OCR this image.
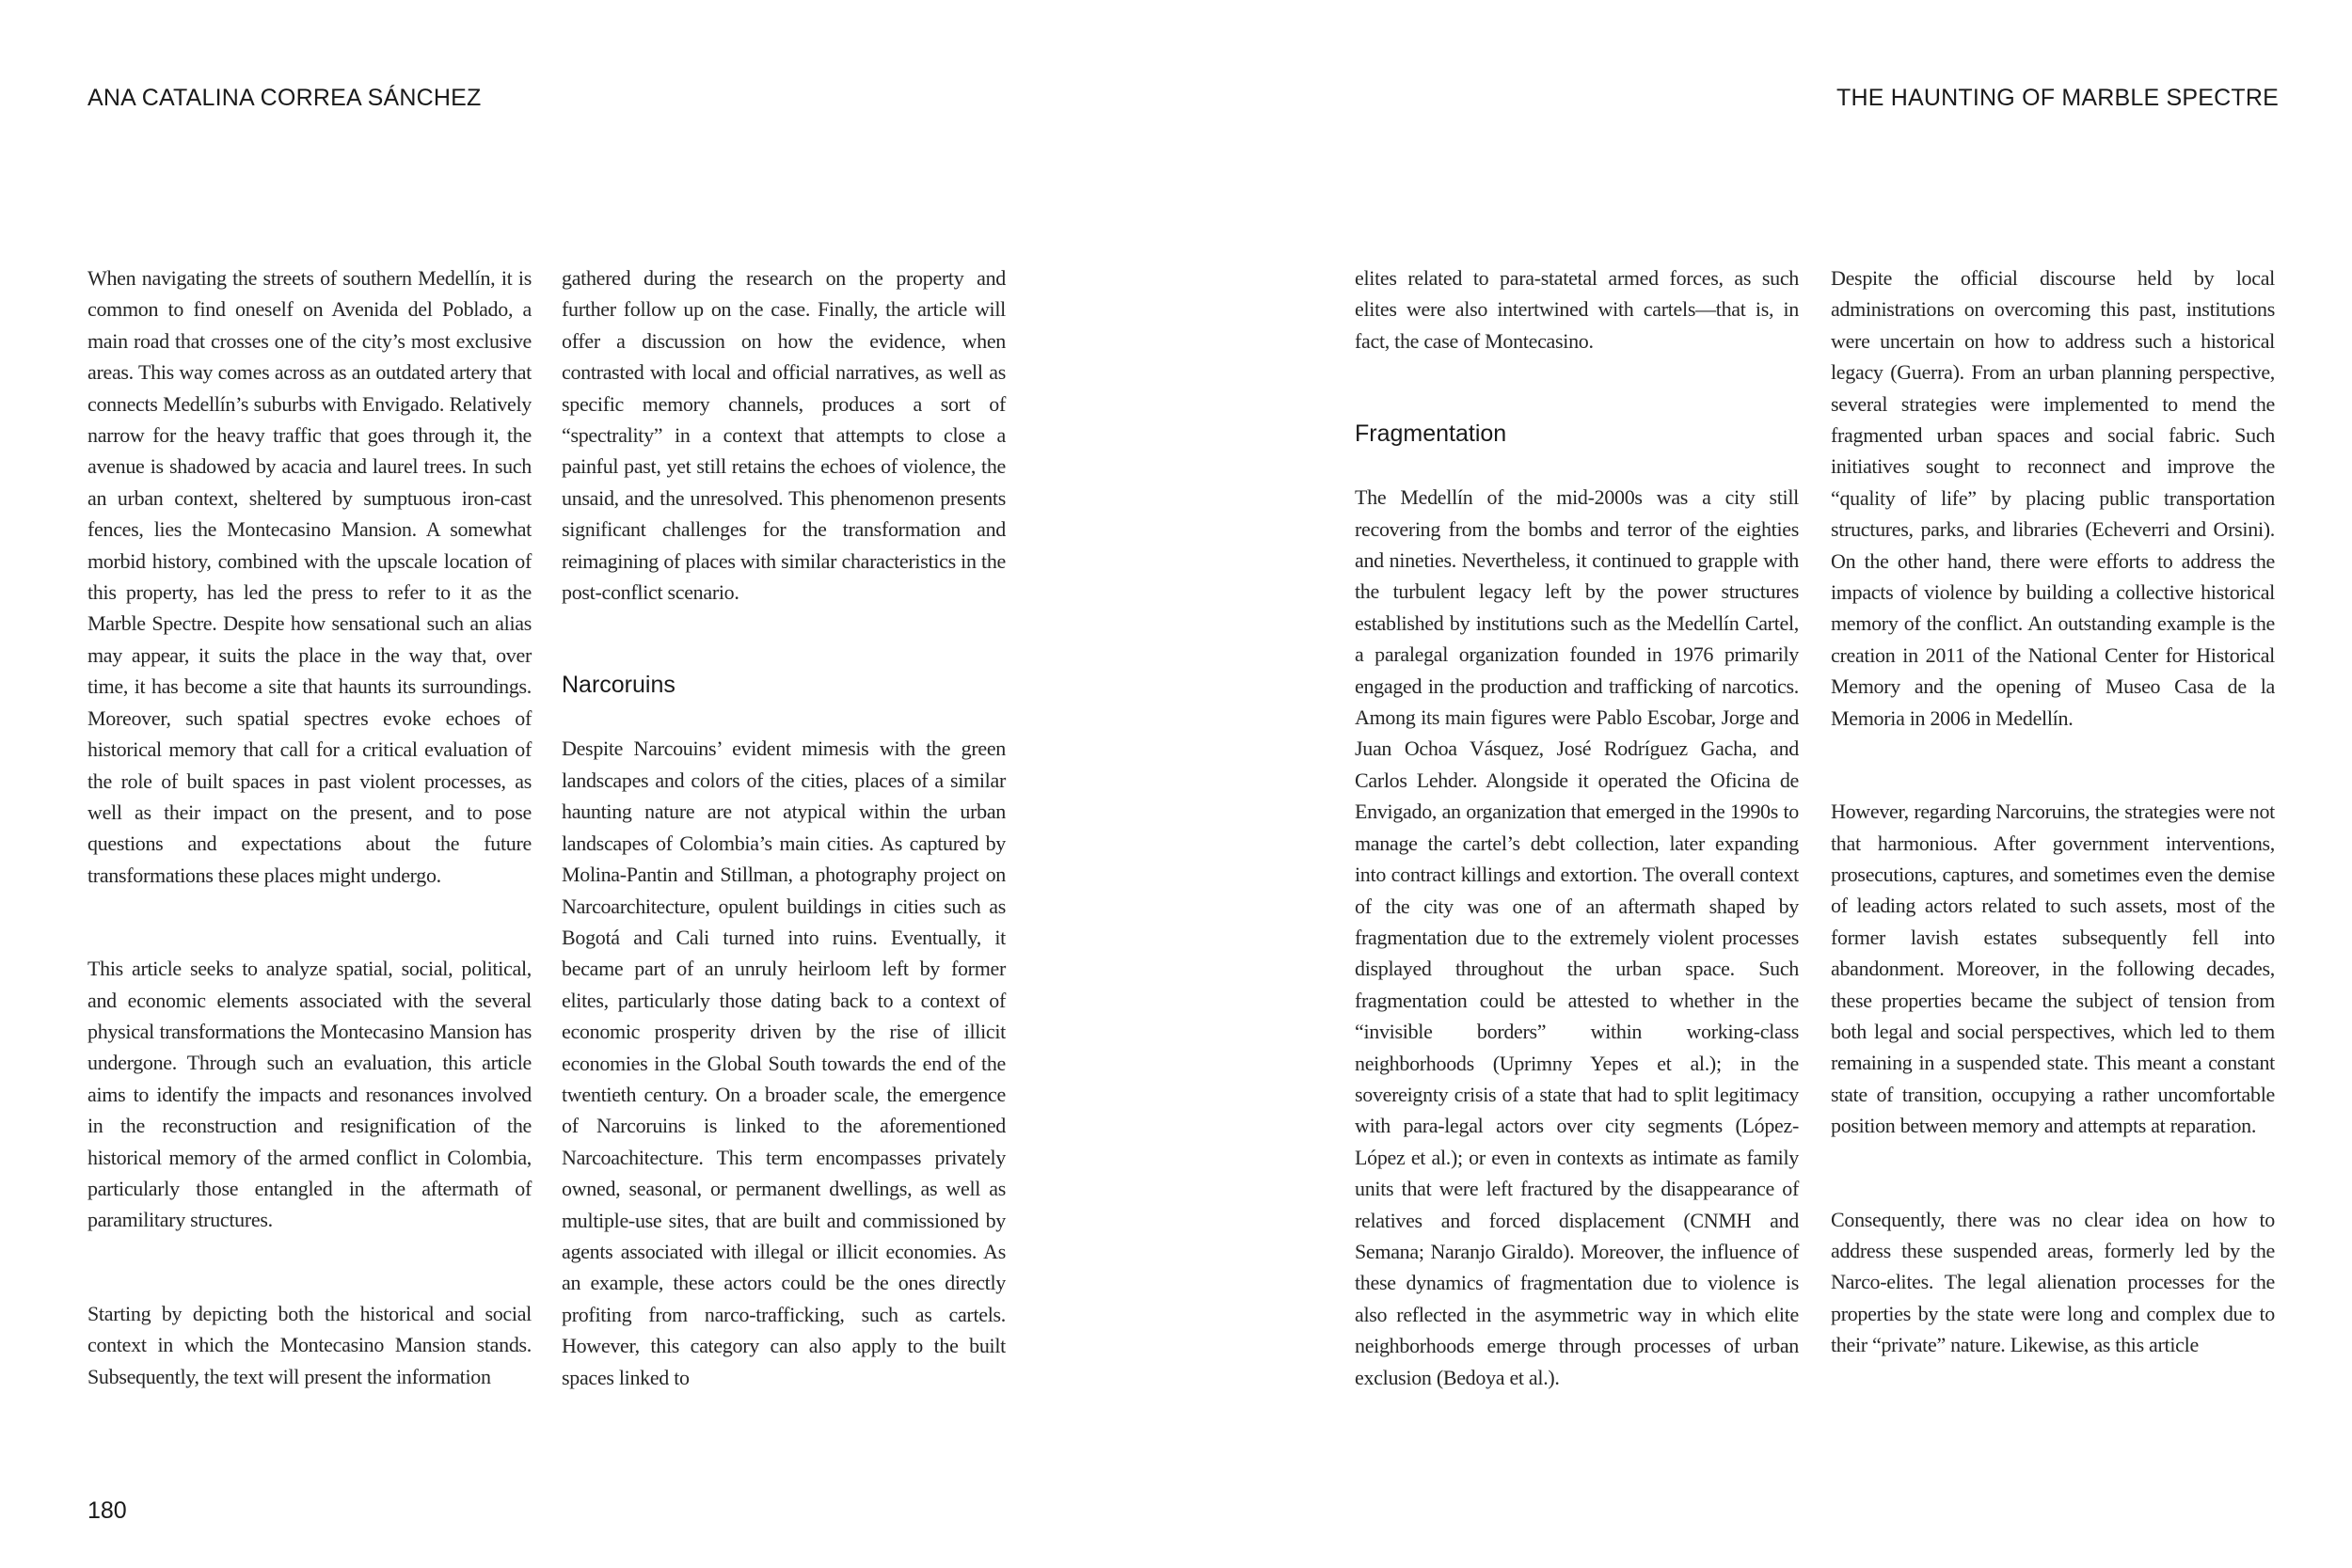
ANA CATALINA CORREA SÁNCHEZ

When navigating the streets of southern Medellín, it is common to find oneself on Avenida del Poblado, a main road that crosses one of the city’s most exclusive areas. This way comes across as an outdated artery that connects Medellín’s suburbs with Envigado. Relatively narrow for the heavy traffic that goes through it, the avenue is shadowed by acacia and laurel trees. In such an urban context, sheltered by sumptuous iron-cast fences, lies the Montecasino Mansion. A somewhat morbid history, combined with the upscale location of this property, has led the press to refer to it as the Marble Spectre. Despite how sensational such an alias may appear, it suits the place in the way that, over time, it has become a site that haunts its surroundings. Moreover, such spatial spectres evoke echoes of historical memory that call for a critical evaluation of the role of built spaces in past violent processes, as well as their impact on the present, and to pose questions and expectations about the future transformations these places might undergo.

This article seeks to analyze spatial, social, political, and economic elements associated with the several physical transformations the Montecasino Mansion has undergone. Through such an evaluation, this article aims to identify the impacts and resonances involved in the reconstruction and resignification of the historical memory of the armed conflict in Colombia, particularly those entangled in the aftermath of paramilitary structures.

Starting by depicting both the historical and social context in which the Montecasino Mansion stands. Subsequently, the text will present the information

gathered during the research on the property and further follow up on the case. Finally, the article will offer a discussion on how the evidence, when contrasted with local and official narratives, as well as specific memory channels, produces a sort of “spectrality” in a context that attempts to close a painful past, yet still retains the echoes of violence, the unsaid, and the unresolved. This phenomenon presents significant challenges for the transformation and reimagining of places with similar characteristics in the post-conflict scenario.

Narcoruins

Despite Narcouins’ evident mimesis with the green landscapes and colors of the cities, places of a similar haunting nature are not atypical within the urban landscapes of Colombia’s main cities. As captured by Molina-Pantin and Stillman, a photography project on Narcoarchitecture, opulent buildings in cities such as Bogotá and Cali turned into ruins. Eventually, it became part of an unruly heirloom left by former elites, particularly those dating back to a context of economic prosperity driven by the rise of illicit economies in the Global South towards the end of the twentieth century. On a broader scale, the emergence of Narcoruins is linked to the aforementioned Narcoachitecture. This term encompasses privately owned, seasonal, or permanent dwellings, as well as multiple-use sites, that are built and commissioned by agents associated with illegal or illicit economies. As an example, these actors could be the ones directly profiting from narco-trafficking, such as cartels. However, this category can also apply to the built spaces linked to

180
THE HAUNTING OF MARBLE SPECTRE

elites related to para-statetal armed forces, as such elites were also intertwined with cartels—that is, in fact, the case of Montecasino.

Fragmentation

The Medellín of the mid-2000s was a city still recovering from the bombs and terror of the eighties and nineties. Nevertheless, it continued to grapple with the turbulent legacy left by the power structures established by institutions such as the Medellín Cartel, a paralegal organization founded in 1976 primarily engaged in the production and trafficking of narcotics. Among its main figures were Pablo Escobar, Jorge and Juan Ochoa Vásquez, José Rodríguez Gacha, and Carlos Lehder. Alongside it operated the Oficina de Envigado, an organization that emerged in the 1990s to manage the cartel’s debt collection, later expanding into contract killings and extortion. The overall context of the city was one of an aftermath shaped by fragmentation due to the extremely violent processes displayed throughout the urban space. Such fragmentation could be attested to whether in the “invisible borders” within working-class neighborhoods (Uprimny Yepes et al.); in the sovereignty crisis of a state that had to split legitimacy with para-legal actors over city segments (López-López et al.); or even in contexts as intimate as family units that were left fractured by the disappearance of relatives and forced displacement (CNMH and Semana; Naranjo Giraldo). Moreover, the influence of these dynamics of fragmentation due to violence is also reflected in the asymmetric way in which elite neighborhoods emerge through processes of urban exclusion (Bedoya et al.).

Despite the official discourse held by local administrations on overcoming this past, institutions were uncertain on how to address such a historical legacy (Guerra). From an urban planning perspective, several strategies were implemented to mend the fragmented urban spaces and social fabric. Such initiatives sought to reconnect and improve the “quality of life” by placing public transportation structures, parks, and libraries (Echeverri and Orsini). On the other hand, there were efforts to address the impacts of violence by building a collective historical memory of the conflict. An outstanding example is the creation in 2011 of the National Center for Historical Memory and the opening of Museo Casa de la Memoria in 2006 in Medellín.

However, regarding Narcoruins, the strategies were not that harmonious. After government interventions, prosecutions, captures, and sometimes even the demise of leading actors related to such assets, most of the former lavish estates subsequently fell into abandonment. Moreover, in the following decades, these properties became the subject of tension from both legal and social perspectives, which led to them remaining in a suspended state. This meant a constant state of transition, occupying a rather uncomfortable position between memory and attempts at reparation.

Consequently, there was no clear idea on how to address these suspended areas, formerly led by the Narco-elites. The legal alienation processes for the properties by the state were long and complex due to their “private” nature. Likewise, as this article
